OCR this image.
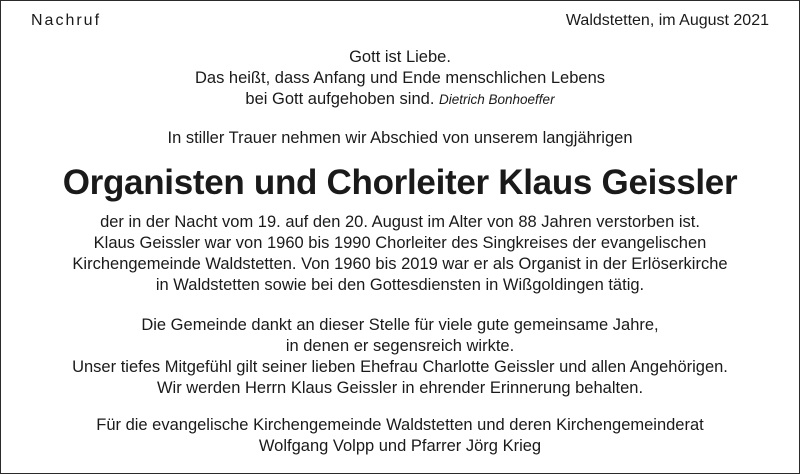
Nachruf	Waldstetten, im August 2021
Gott ist Liebe.
Das heißt, dass Anfang und Ende menschlichen Lebens
bei Gott aufgehoben sind. Dietrich Bonhoeffer
In stiller Trauer nehmen wir Abschied von unserem langjährigen
Organisten und Chorleiter Klaus Geissler
der in der Nacht vom 19. auf den 20. August im Alter von 88 Jahren verstorben ist.
Klaus Geissler war von 1960 bis 1990 Chorleiter des Singkreises der evangelischen
Kirchengemeinde Waldstetten. Von 1960 bis 2019 war er als Organist in der Erlöserkirche
in Waldstetten sowie bei den Gottesdiensten in Wißgoldingen tätig.
Die Gemeinde dankt an dieser Stelle für viele gute gemeinsame Jahre,
in denen er segensreich wirkte.
Unser tiefes Mitgefühl gilt seiner lieben Ehefrau Charlotte Geissler und allen Angehörigen.
Wir werden Herrn Klaus Geissler in ehrender Erinnerung behalten.
Für die evangelische Kirchengemeinde Waldstetten und deren Kirchengemeinderat
Wolfgang Volpp und Pfarrer Jörg Krieg
